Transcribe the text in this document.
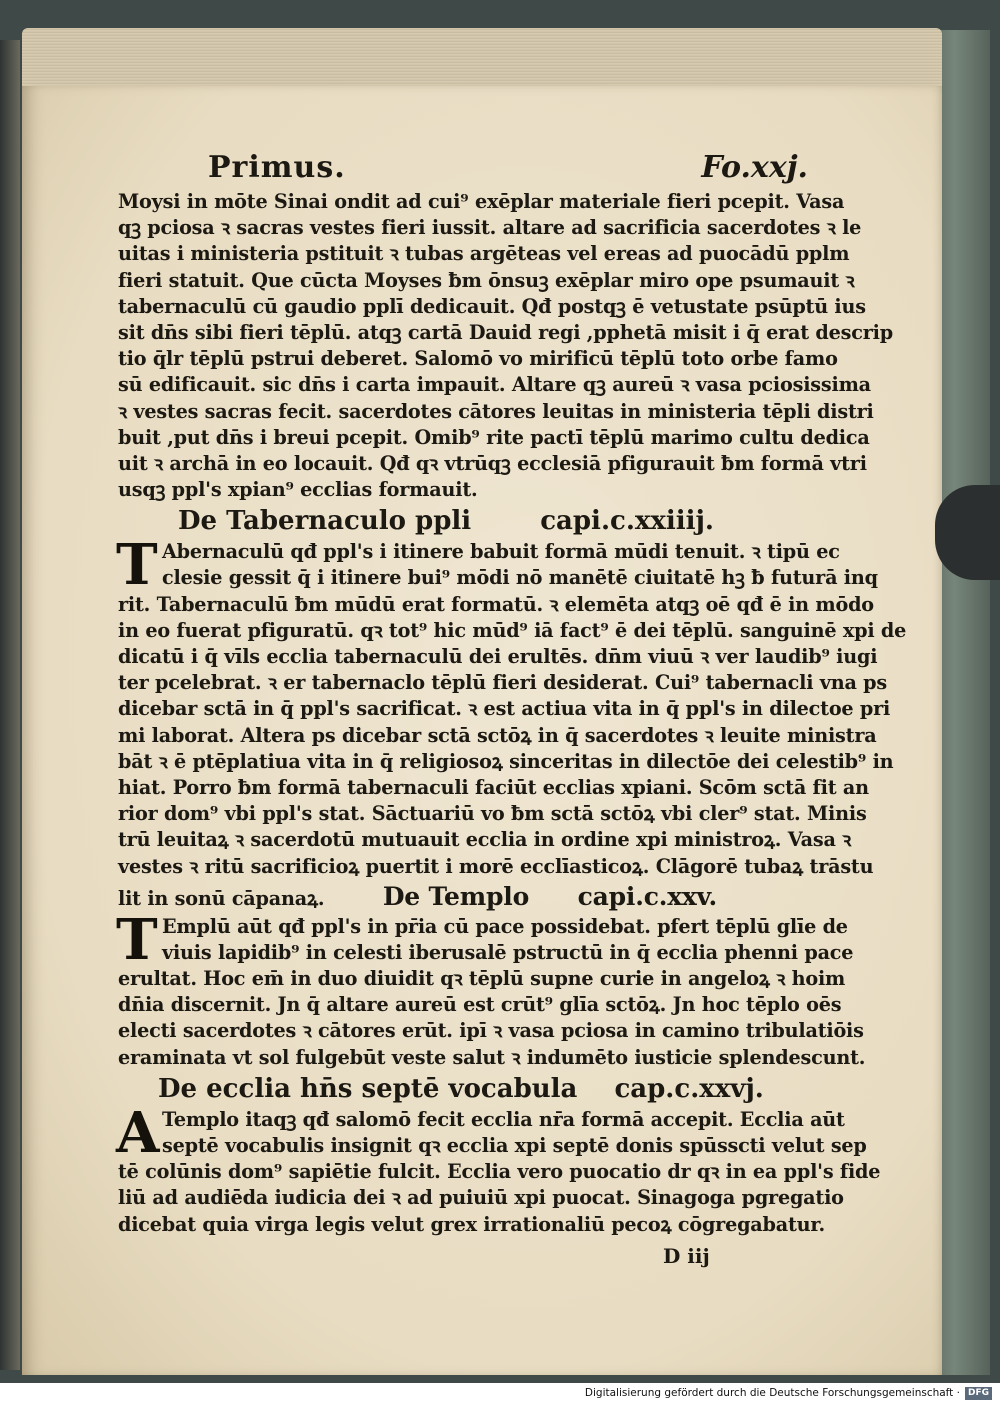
Primus.	Fo.xxj.
Moysi in mōte Sinai ondit ad cui⁹ exēplar materiale fieri pcepit. Vasa
qꝫ pciosa ꝛ sacras vestes fieri iussit. altare ad sacrificia sacerdotes ꝛ le
uitas i ministeria pstituit ꝛ tubas argēteas vel ereas ad puocādū pplm
fieri statuit. Que cūcta Moyses ƀm ōnsuꝫ exēplar miro ope psumauit ꝛ
tabernaculū cū gaudio pplī dedicauit. Qđ postqꝫ ē vetustate psūptū ius
sit dn̄s sibi fieri tēplū. atqꝫ cartā Dauid regi ,pphetā misit i q̄ erat descrip
tio q̄lr tēplū pstrui deberet. Salomō vo mirificū tēplū toto orbe famo
sū edificauit. sic dn̄s i carta impauit. Altare qꝫ aureū ꝛ vasa pciosissima
ꝛ vestes sacras fecit. sacerdotes cātores leuitas in ministeria tēpli distri
buit ,put dn̄s i breui pcepit. Omib⁹ rite pactī tēplū marimo cultu dedica
uit ꝛ archā in eo locauit. Qđ qꝛ vtrūqꝫ ecclesiā pfigurauit ƀm formā vtri
usqꝫ ppl's xpian⁹ ecclias formauit.
De Tabernaculo ppli	capi.c.xxiiij.
T Abernaculū qđ ppl's i itinere babuit formā mūdi tenuit. ꝛ tipū ec
clesie gessit q̄ i itinere bui⁹ mōdi nō manētē ciuitatē hꝫ ƀ futurā inq
rit. Tabernaculū ƀm mūdū erat formatū. ꝛ elemēta atqꝫ oē qđ ē in mōdo
in eo fuerat pfiguratū. qꝛ tot⁹ hic mūd⁹ iā fact⁹ ē dei tēplū. sanguinē xpi de
dicatū i q̄ vīls ecclia tabernaculū dei erultēs. dn̄m viuū ꝛ ver laudib⁹ iugi
ter pcelebrat. ꝛ er tabernaclo tēplū fieri desiderat. Cui⁹ tabernacli vna ps
dicebar sctā in q̄ ppl's sacrificat. ꝛ est actiua vita in q̄ ppl's in dilectoe pri
mi laborat. Altera ps dicebar sctā sctōꝝ in q̄ sacerdotes ꝛ leuite ministra
bāt ꝛ ē ptēplatiua vita in q̄ religiosoꝝ sinceritas in dilectōe dei celestib⁹ in
hiat. Porro ƀm formā tabernaculi faciūt ecclias xpiani. Scōm sctā fit an
rior dom⁹ vbi ppl's stat. Sāctuariū vo ƀm sctā sctōꝝ vbi cler⁹ stat. Minis
trū leuitaꝝ ꝛ sacerdotū mutuauit ecclia in ordine xpi ministroꝝ. Vasa ꝛ
vestes ꝛ ritū sacrificioꝝ puertit i morē ecclīasticoꝝ. Clāgorē tubaꝝ trāstu
lit in sonū cāpanaꝝ. De Templo capi.c.xxv.
T Emplū aūt qđ ppl's in pr̄ia cū pace possidebat. pfert tēplū glīe de
viuis lapidib⁹ in celesti iberusalē pstructū in q̄ ecclia phenni pace
erultat. Hoc em̄ in duo diuidit qꝛ tēplū supne curie in angeloꝝ ꝛ hoim
dn̄ia discernit. Jn q̄ altare aureū est crūt⁹ glīa sctōꝝ. Jn hoc tēplo oēs
electi sacerdotes ꝛ cātores erūt. ipī ꝛ vasa pciosa in camino tribulatiōis
eraminata vt sol fulgebūt veste salut ꝛ indumēto iusticie splendescunt.
De ecclia hn̄s septē vocabula cap.c.xxvj.
A Templo itaqꝫ qđ salomō fecit ecclia nr̄a formā accepit. Ecclia aūt
septē vocabulis insignit qꝛ ecclia xpi septē donis spūsscti velut sep
tē colūnis dom⁹ sapiētie fulcit. Ecclia vero puocatio dr qꝛ in ea ppl's fide
liū ad audiēda iudicia dei ꝛ ad puiuiū xpi puocat. Sinagoga pgregatio
dicebat quia virga legis velut grex irrationaliū pecoꝝ cōgregabatur.
D iij
Digitalisierung gefördert durch die Deutsche Forschungsgemeinschaft · DFG
